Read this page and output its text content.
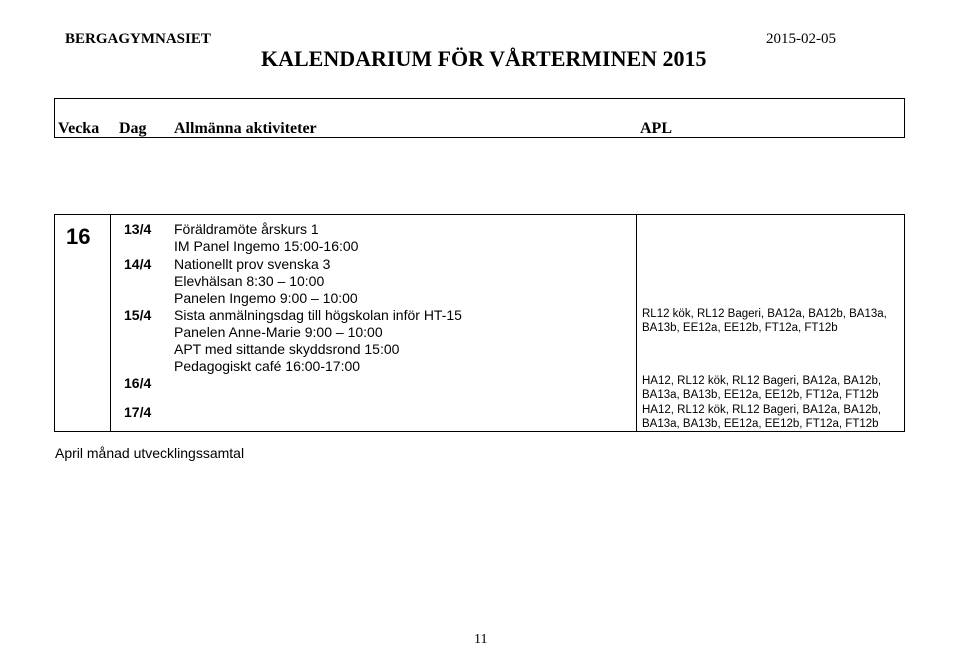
BERGAGYMNASIET	2015-02-05
KALENDARIUM FÖR VÅRTERMINEN 2015
Vecka Dag Allmänna aktiviteter	APL
16 13/4
14/4
15/4
16/4
17/4
Föräldramöte årskurs 1
IM Panel Ingemo 15:00-16:00
Nationellt prov svenska 3
Elevhälsan 8:30 – 10:00
Panelen Ingemo 9:00 – 10:00
Sista anmälningsdag till högskolan inför HT-15
Panelen Anne-Marie 9:00 – 10:00
APT med sittande skyddsrond 15:00
Pedagogiskt café 16:00-17:00
RL12 kök, RL12 Bageri, BA12a, BA12b, BA13a,
BA13b, EE12a, EE12b, FT12a, FT12b
HA12, RL12 kök, RL12 Bageri, BA12a, BA12b,
BA13a, BA13b, EE12a, EE12b, FT12a, FT12b
HA12, RL12 kök, RL12 Bageri, BA12a, BA12b,
BA13a, BA13b, EE12a, EE12b, FT12a, FT12b
April månad utvecklingssamtal
11
